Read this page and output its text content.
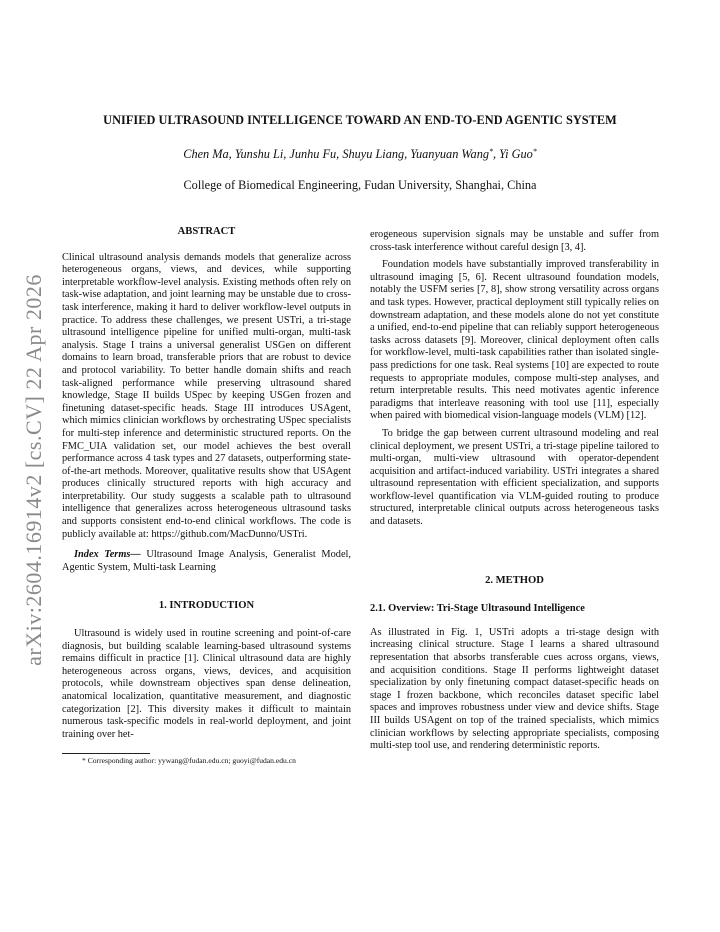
arXiv:2604.16914v2 [cs.CV] 22 Apr 2026
UNIFIED ULTRASOUND INTELLIGENCE TOWARD AN END-TO-END AGENTIC SYSTEM
Chen Ma, Yunshu Li, Junhu Fu, Shuyu Liang, Yuanyuan Wang*, Yi Guo*
College of Biomedical Engineering, Fudan University, Shanghai, China

ABSTRACT

Clinical ultrasound analysis demands models that generalize across heterogeneous organs, views, and devices, while supporting interpretable workflow-level analysis. Existing methods often rely on task-wise adaptation, and joint learning may be unstable due to cross-task interference, making it hard to deliver workflow-level outputs in practice. To address these challenges, we present USTri, a tri-stage ultrasound intelligence pipeline for unified multi-organ, multi-task analysis. Stage I trains a universal generalist USGen on different domains to learn broad, transferable priors that are robust to device and protocol variability. To better handle domain shifts and reach task-aligned performance while preserving ultrasound shared knowledge, Stage II builds USpec by keeping USGen frozen and finetuning dataset-specific heads. Stage III introduces USAgent, which mimics clinician workflows by orchestrating USpec specialists for multi-step inference and deterministic structured reports. On the FMC_UIA validation set, our model achieves the best overall performance across 4 task types and 27 datasets, outperforming state-of-the-art methods. Moreover, qualitative results show that USAgent produces clinically structured reports with high accuracy and interpretability. Our study suggests a scalable path to ultrasound intelligence that generalizes across heterogeneous ultrasound tasks and supports consistent end-to-end clinical workflows. The code is publicly available at: https://github.com/MacDunno/USTri.

Index Terms— Ultrasound Image Analysis, Generalist Model, Agentic System, Multi-task Learning

1. INTRODUCTION

Ultrasound is widely used in routine screening and point-of-care diagnosis, but building scalable learning-based ultrasound systems remains difficult in practice [1]. Clinical ultrasound data are highly heterogeneous across organs, views, devices, and acquisition protocols, while downstream objectives span dense delineation, anatomical localization, quantitative measurement, and diagnostic categorization [2]. This diversity makes it difficult to maintain numerous task-specific models in real-world deployment, and joint training over het-

* Corresponding author: yywang@fudan.edu.cn; guoyi@fudan.edu.cn

erogeneous supervision signals may be unstable and suffer from cross-task interference without careful design [3, 4].

Foundation models have substantially improved transferability in ultrasound imaging [5, 6]. Recent ultrasound foundation models, notably the USFM series [7, 8], show strong versatility across organs and task types. However, practical deployment still typically relies on downstream adaptation, and these models alone do not yet constitute a unified, end-to-end pipeline that can reliably support heterogeneous tasks across datasets [9]. Moreover, clinical deployment often calls for workflow-level, multi-task capabilities rather than isolated single-pass predictions for one task. Real systems [10] are expected to route requests to appropriate modules, compose multi-step analyses, and return interpretable results. This need motivates agentic inference paradigms that interleave reasoning with tool use [11], especially when paired with biomedical vision-language models (VLM) [12].

To bridge the gap between current ultrasound modeling and real clinical deployment, we present USTri, a tri-stage pipeline tailored to multi-organ, multi-view ultrasound with operator-dependent acquisition and artifact-induced variability. USTri integrates a shared ultrasound representation with efficient specialization, and supports workflow-level quantification via VLM-guided routing to produce structured, interpretable clinical outputs across heterogeneous tasks and datasets.

2. METHOD

2.1. Overview: Tri-Stage Ultrasound Intelligence

As illustrated in Fig. 1, USTri adopts a tri-stage design with increasing clinical structure. Stage I learns a shared ultrasound representation that absorbs transferable cues across organs, views, and acquisition conditions. Stage II performs lightweight dataset specialization by only finetuning compact dataset-specific heads on stage I frozen backbone, which reconciles dataset specific label spaces and improves robustness under view and device shifts. Stage III builds USAgent on top of the trained specialists, which mimics clinician workflows by selecting appropriate specialists, composing multi-step tool use, and rendering deterministic reports.
